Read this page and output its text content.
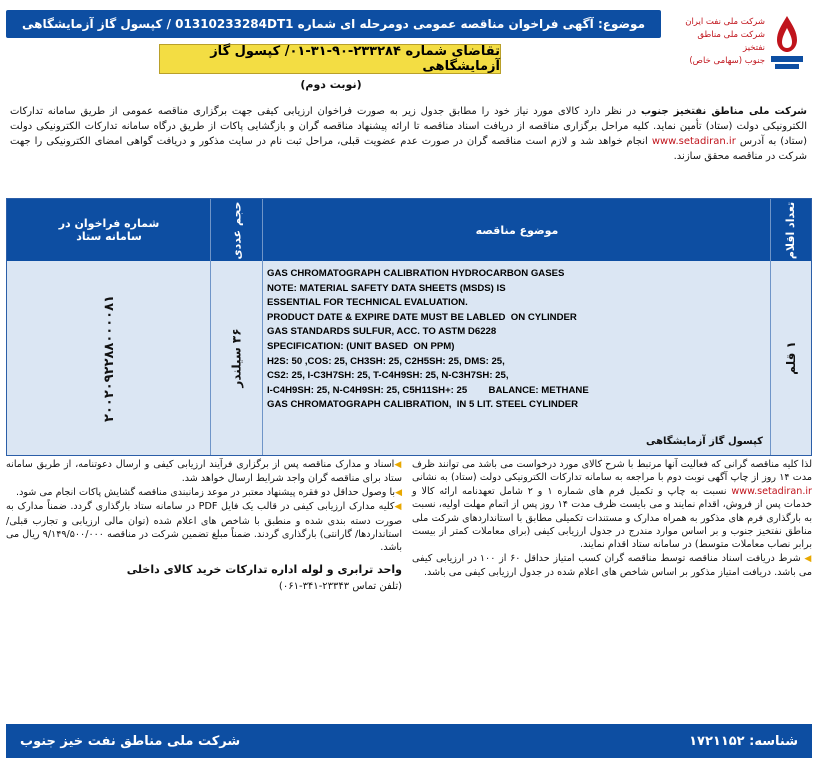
شرکت ملی نفت ایران
شرکت ملی مناطق نفتخیز
جنوب (سهامی خاص)
موضوع: آگهی فراخوان مناقصه عمومی دومرحله ای شماره 01310233284DT1 / کپسول گاز آزمایشگاهی
تقاضای شماره ۲۳۳۲۸۴-۹۰-۳۱-۰۱/ کپسول گاز آزمایشگاهی
(نوبت دوم)
شرکت ملی مناطق نفتخیز جنوب در نظر دارد کالای مورد نیاز خود را مطابق جدول زیر به صورت فراخوان ارزیابی کیفی جهت برگزاری مناقصه عمومی از طریق سامانه تدارکات الکترونیکی دولت (ستاد) تأمین نماید. کلیه مراحل برگزاری مناقصه از دریافت اسناد مناقصه تا ارائه پیشنهاد مناقصه گران و بازگشایی پاکات از طریق درگاه سامانه تدارکات الکترونیکی دولت (ستاد) به آدرس www.setadiran.ir انجام خواهد شد و لازم است مناقصه گران در صورت عدم عضویت قبلی، مراحل ثبت نام در سایت مذکور و دریافت گواهی امضای الکترونیکی را جهت شرکت در مناقصه محقق سازند.
تعداد اقلام
موضوع مناقصه
حجم عددی
شماره فراخوان در سامانه ستاد
۱ قلم
GAS CHROMATOGRAPH CALIBRATION HYDROCARBON GASES
NOTE: MATERIAL SAFETY DATA SHEETS (MSDS) IS
ESSENTIAL FOR TECHNICAL EVALUATION.
PRODUCT DATE & EXPIRE DATE MUST BE LABLED  ON CYLINDER
GAS STANDARDS SULFUR, ACC. TO ASTM D6228
SPECIFICATION: (UNIT BASED  ON PPM)
H2S: 50 ,COS: 25, CH3SH: 25, C2H5SH: 25, DMS: 25,
CS2: 25, I-C3H7SH: 25, T-C4H9SH: 25, N-C3H7SH: 25,
I-C4H9SH: 25, N-C4H9SH: 25, C5H11SH+: 25        BALANCE: METHANE
GAS CHROMATOGRAPH CALIBRATION,  IN 5 LIT. STEEL CYLINDER
کپسول گاز آزمایشگاهی
۳۶ سیلندر
۲۰۰۲۰۹۲۲۸۸۰۰۰۰۸۱
لذا کلیه مناقصه گرانی که فعالیت آنها مرتبط با شرح کالای مورد درخواست می باشد می توانند ظرف مدت ۱۴ روز از چاپ آگهی نوبت دوم با مراجعه به سامانه تدارکات الکترونیکی دولت (ستاد) به نشانی www.setadiran.ir نسبت به چاپ و تکمیل فرم های شماره ۱ و ۲ شامل تعهدنامه ارائه کالا و خدمات پس از فروش، اقدام نمایند و می بایست ظرف مدت ۱۴ روز پس از اتمام مهلت اولیه، نسبت به بارگذاری فرم های مذکور به همراه مدارک و مستندات تکمیلی مطابق با استانداردهای شرکت ملی مناطق نفتخیز جنوب و بر اساس موارد مندرج در جدول ارزیابی کیفی (برای معاملات کمتر از بیست برابر نصاب معاملات متوسط) در سامانه ستاد اقدام نمایند.
◀ شرط دریافت اسناد مناقصه توسط مناقصه گران کسب امتیاز حداقل ۶۰ از ۱۰۰ در ارزیابی کیفی می باشد. دریافت امتیاز مذکور بر اساس شاخص های اعلام شده در جدول ارزیابی کیفی می باشد.
◀اسناد و مدارک مناقصه پس از برگزاری فرآیند ارزیابی کیفی و ارسال دعوتنامه، از طریق سامانه ستاد برای مناقصه گران واجد شرایط ارسال خواهد شد.
◀با وصول حداقل دو فقره پیشنهاد معتبر در موعد زمانبندی مناقصه گشایش پاکات انجام می شود.
◀کلیه مدارک ارزیابی کیفی در قالب یک فایل PDF در سامانه ستاد بارگذاری گردد. ضمناً مدارک به صورت دسته بندی شده و منطبق با شاخص های اعلام شده (توان مالی ارزیابی و تجارب قبلی/ استانداردها/ گارانتی) بارگذاری گردند. ضمناً مبلغ تضمین شرکت در مناقصه ۹/۱۴۹/۵۰۰/۰۰۰ ریال می باشد.
واحد ترابری و لوله اداره تدارکات خرید کالای داخلی
(تلفن تماس ۲۳۳۴۳-۳۴۱-۰۶۱)
شناسه: ۱۷۲۱۱۵۲
شرکت ملی مناطق نفت خیز جنوب
